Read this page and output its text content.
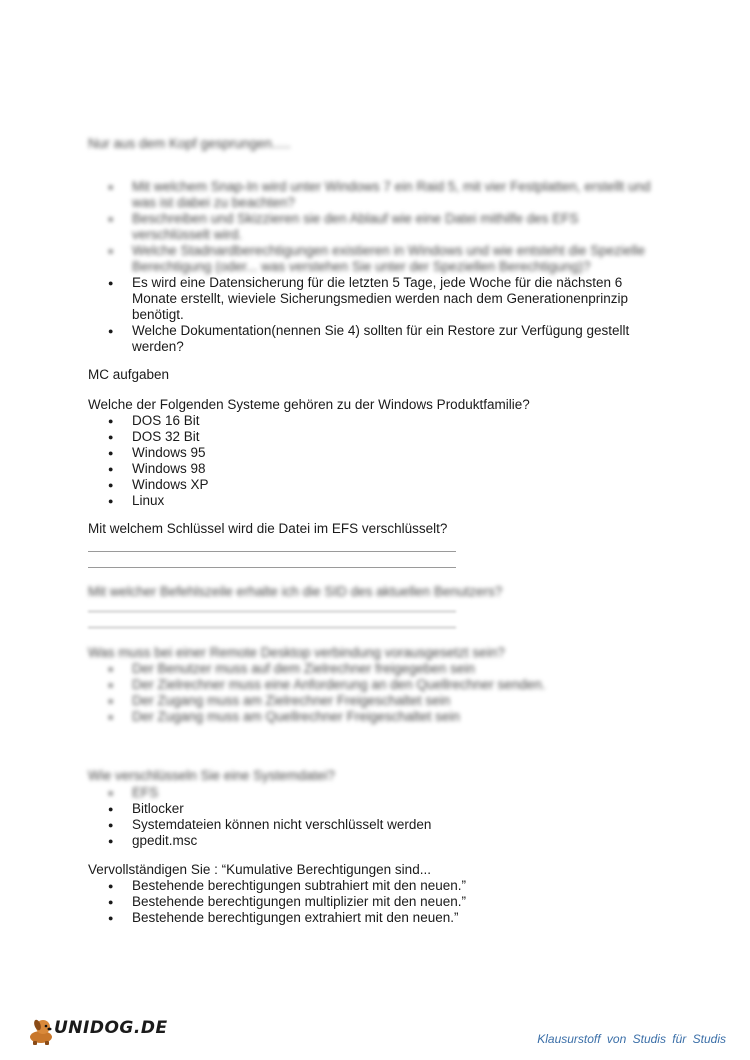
Nur aus dem Kopf gesprungen.....
● Mit welchem Snap-In wird unter Windows 7 ein Raid 5, mit vier Festplatten, erstellt und was ist dabei zu beachten?
● Beschreiben und Skizzieren sie den Ablauf wie eine Datei mithilfe des EFS verschlüsselt wird.
● Welche Stadnardberechtigungen existieren in Windows und wie entsteht die Spezielle Berechtigung (oder... was verstehen Sie unter der Speziellen Berechtigung)?
● Es wird eine Datensicherung für die letzten 5 Tage, jede Woche für die nächsten 6 Monate erstellt, wieviele Sicherungsmedien werden nach dem Generationenprinzip benötigt.
● Welche Dokumentation(nennen Sie 4) sollten für ein Restore zur Verfügung gestellt werden?
MC aufgaben
Welche der Folgenden Systeme gehören zu der Windows Produktfamilie?
● DOS 16 Bit
● DOS 32 Bit
● Windows 95
● Windows 98
● Windows XP
● Linux
Mit welchem Schlüssel wird die Datei im EFS verschlüsselt?
Mit welcher Befehlszeile erhalte ich die SID des aktuellen Benutzers?
Was muss bei einer Remote Desktop verbindung vorausgesetzt sein?
● Der Benutzer muss auf dem Zielrechner freigegeben sein
● Der Zielrechner muss eine Anforderung an den Quellrechner senden.
● Der Zugang muss am Zielrechner Freigeschaltet sein
● Der Zugang muss am Quellrechner Freigeschaltet sein
Wie verschlüsseln Sie eine Systemdatei?
● EFS
● Bitlocker
● Systemdateien können nicht verschlüsselt werden
● gpedit.msc
Vervollständigen Sie : “Kumulative Berechtigungen sind...
● Bestehende berechtigungen subtrahiert mit den neuen.”
● Bestehende berechtigungen multiplizier mit den neuen.”
● Bestehende berechtigungen extrahiert mit den neuen.”
UNIDOG.DE
Klausurstoff von Studis für Studis
